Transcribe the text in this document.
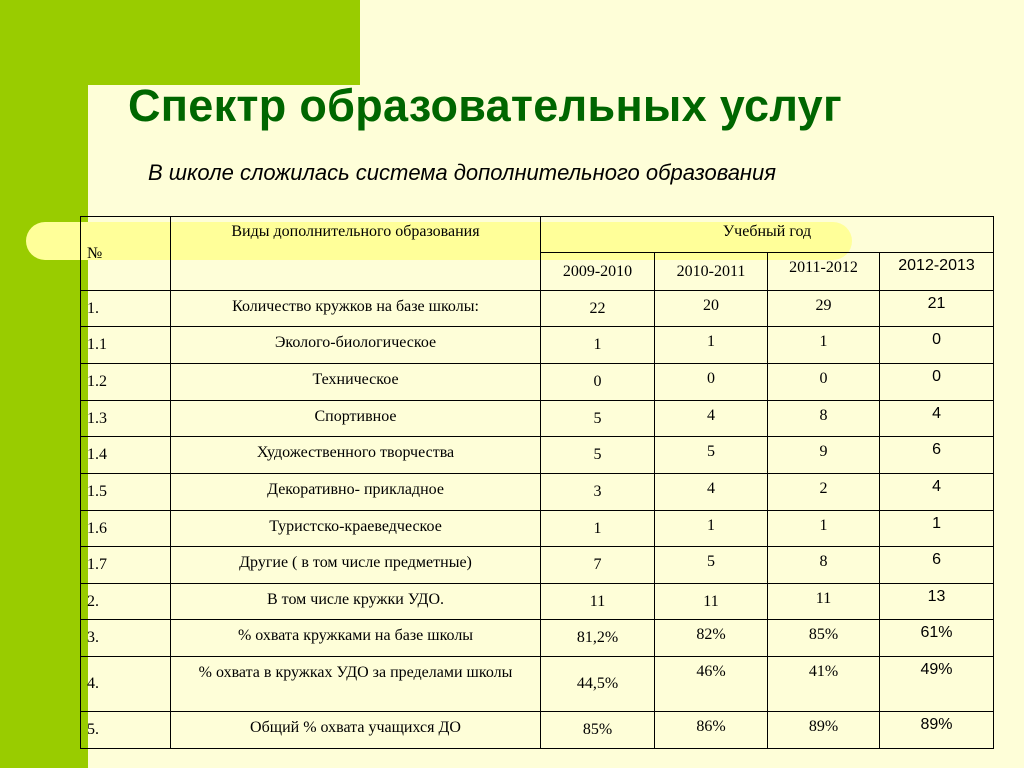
Спектр образовательных услуг
В школе сложилась система дополнительного образования
№	Виды дополнительного образования	Учебный год			
		2009-2010	2010-2011	2011-2012	2012-2013
1.	Количество кружков на базе школы:	22	20	29	21
1.1	Эколого-биологическое	1	1	1	0
1.2	Техническое	0	0	0	0
1.3	Спортивное	5	4	8	4
1.4	Художественного творчества	5	5	9	6
1.5	Декоративно- прикладное	3	4	2	4
1.6	Туристско-краеведческое	1	1	1	1
1.7	Другие ( в том числе предметные)	7	5	8	6
2.	В том числе кружки УДО.	11	11	11	13
3.	% охвата кружками на базе школы	81,2%	82%	85%	61%
4.	% охвата в кружках УДО за пределами школы	44,5%	46%	41%	49%
5.	Общий % охвата учащихся ДО	85%	86%	89%	89%
